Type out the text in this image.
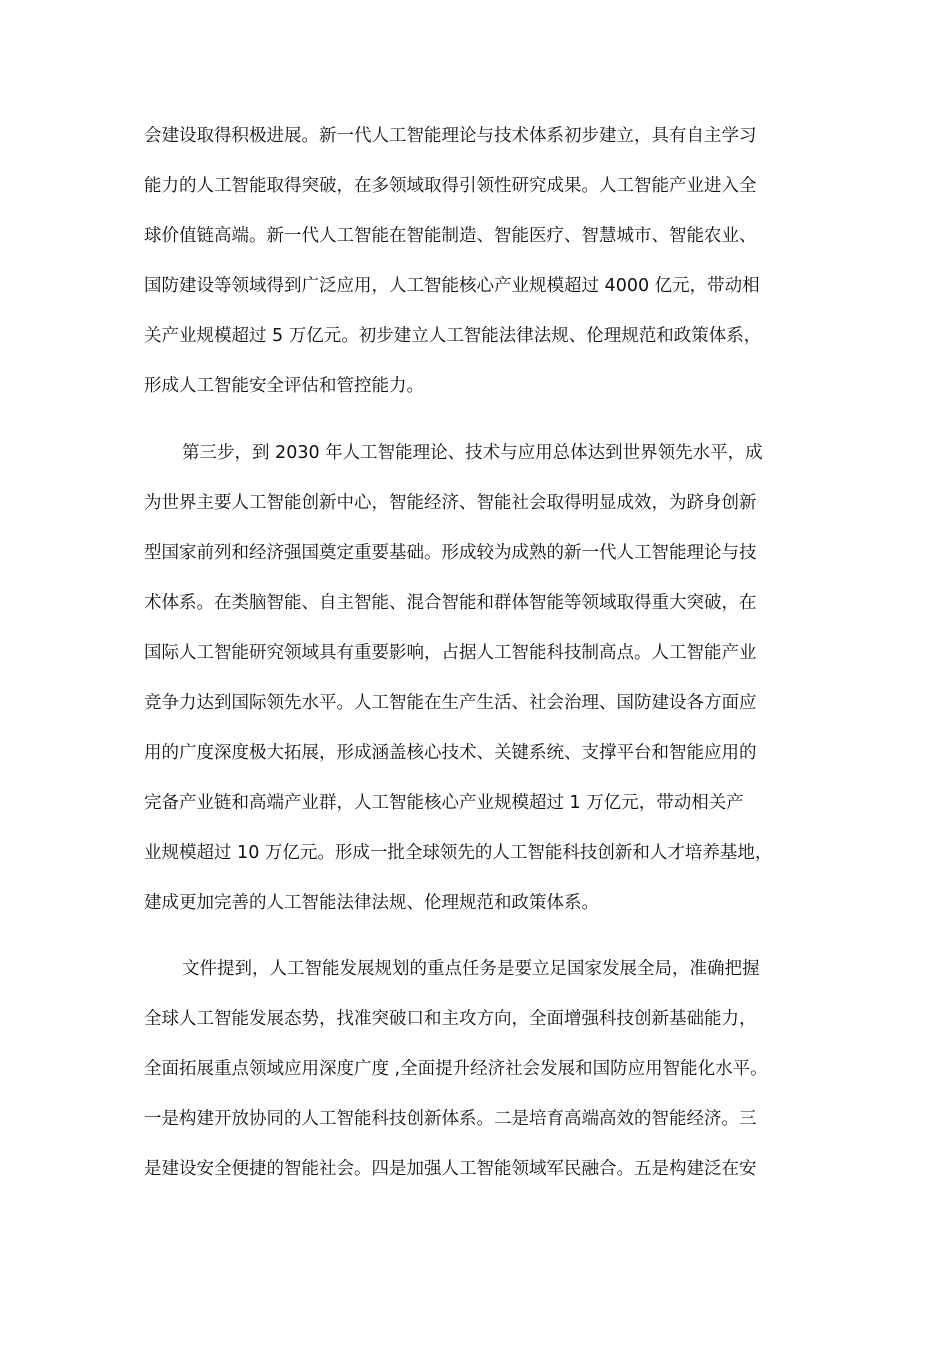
会建设取得积极进展。新一代人工智能理论与技术体系初步建立，具有自主学习
能力的人工智能取得突破，在多领域取得引领性研究成果。人工智能产业进入全
球价值链高端。新一代人工智能在智能制造、智能医疗、智慧城市、智能农业、
国防建设等领域得到广泛应用，人工智能核心产业规模超过 4000 亿元，带动相
关产业规模超过 5 万亿元。初步建立人工智能法律法规、伦理规范和政策体系，
形成人工智能安全评估和管控能力。
第三步，到 2030 年人工智能理论、技术与应用总体达到世界领先水平，成
为世界主要人工智能创新中心，智能经济、智能社会取得明显成效，为跻身创新
型国家前列和经济强国奠定重要基础。形成较为成熟的新一代人工智能理论与技
术体系。在类脑智能、自主智能、混合智能和群体智能等领域取得重大突破，在
国际人工智能研究领域具有重要影响，占据人工智能科技制高点。人工智能产业
竞争力达到国际领先水平。人工智能在生产生活、社会治理、国防建设各方面应
用的广度深度极大拓展，形成涵盖核心技术、关键系统、支撑平台和智能应用的
完备产业链和高端产业群，人工智能核心产业规模超过 1 万亿元，带动相关产
业规模超过 10 万亿元。形成一批全球领先的人工智能科技创新和人才培养基地，
建成更加完善的人工智能法律法规、伦理规范和政策体系。
文件提到，人工智能发展规划的重点任务是要立足国家发展全局，准确把握
全球人工智能发展态势，找准突破口和主攻方向，全面增强科技创新基础能力，
全面拓展重点领域应用深度广度 ,全面提升经济社会发展和国防应用智能化水平。
一是构建开放协同的人工智能科技创新体系。二是培育高端高效的智能经济。三
是建设安全便捷的智能社会。四是加强人工智能领域军民融合。五是构建泛在安
